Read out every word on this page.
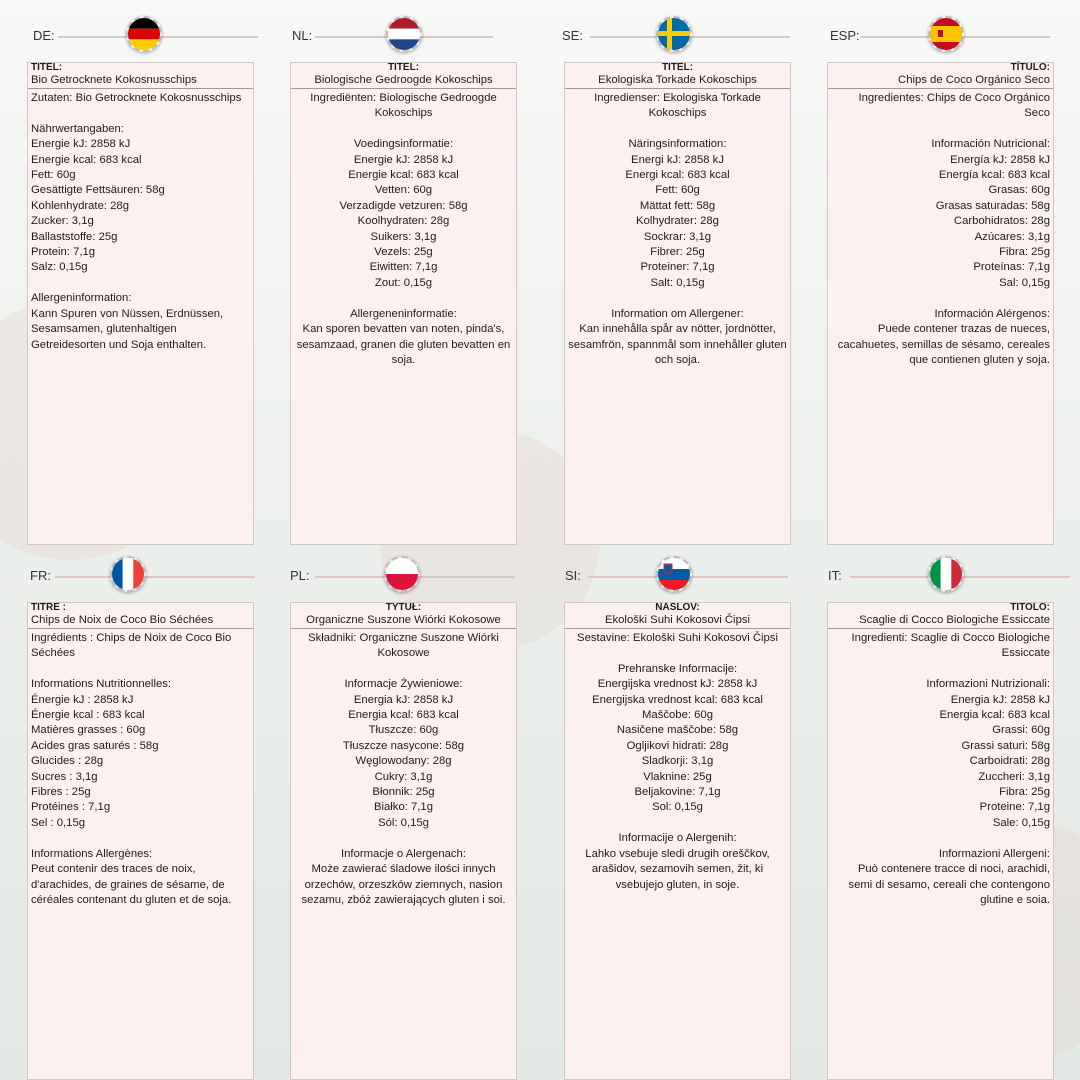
DE:
TITEL:
Bio Getrocknete Kokosnusschips
Zutaten: Bio Getrocknete Kokosnusschips

Nährwertangaben:
Energie kJ: 2858 kJ
Energie kcal: 683 kcal
Fett: 60g
Gesättigte Fettsäuren: 58g
Kohlenhydrate: 28g
Zucker: 3,1g
Ballaststoffe: 25g
Protein: 7,1g
Salz: 0,15g

Allergeninformation:
Kann Spuren von Nüssen, Erdnüssen, Sesamsamen, glutenhaltigen Getreidesorten und Soja enthalten.
NL:
TITEL:
Biologische Gedroogde Kokoschips
Ingrediënten: Biologische Gedroogde Kokoschips

Voedingsinformatie:
Energie kJ: 2858 kJ
Energie kcal: 683 kcal
Vetten: 60g
Verzadigde vetzuren: 58g
Koolhydraten: 28g
Suikers: 3,1g
Vezels: 25g
Eiwitten: 7,1g
Zout: 0,15g

Allergeneninformatie:
Kan sporen bevatten van noten, pinda's, sesamzaad, granen die gluten bevatten en soja.
SE:
TITEL:
Ekologiska Torkade Kokoschips
Ingredienser: Ekologiska Torkade Kokoschips

Näringsinformation:
Energi kJ: 2858 kJ
Energi kcal: 683 kcal
Fett: 60g
Mättat fett: 58g
Kolhydrater: 28g
Sockrar: 3,1g
Fibrer: 25g
Proteiner: 7,1g
Salt: 0,15g

Information om Allergener:
Kan innehålla spår av nötter, jordnötter, sesamfrön, spannmål som innehåller gluten och soja.
ESP:
TÍTULO:
Chips de Coco Orgánico Seco
Ingredientes: Chips de Coco Orgánico Seco

Información Nutricional:
Energía kJ: 2858 kJ
Energía kcal: 683 kcal
Grasas: 60g
Grasas saturadas: 58g
Carbohidratos: 28g
Azúcares: 3,1g
Fibra: 25g
Proteínas: 7,1g
Sal: 0,15g

Información Alérgenos:
Puede contener trazas de nueces, cacahuetes, semillas de sésamo, cereales que contienen gluten y soja.
FR:
TITRE :
Chips de Noix de Coco Bio Séchées
Ingrédients : Chips de Noix de Coco Bio Séchées

Informations Nutritionnelles:
Énergie kJ : 2858 kJ
Énergie kcal : 683 kcal
Matières grasses : 60g
Acides gras saturés : 58g
Glucides : 28g
Sucres : 3,1g
Fibres : 25g
Protéines : 7,1g
Sel : 0,15g

Informations Allergènes:
Peut contenir des traces de noix, d'arachides, de graines de sésame, de céréales contenant du gluten et de soja.
PL:
TYTUŁ:
Organiczne Suszone Wiórki Kokosowe
Składniki: Organiczne Suszone Wiórki Kokosowe

Informacje Żywieniowe:
Energia kJ: 2858 kJ
Energia kcal: 683 kcal
Tłuszcze: 60g
Tłuszcze nasycone: 58g
Węglowodany: 28g
Cukry: 3,1g
Błonnik: 25g
Białko: 7,1g
Sól: 0,15g

Informacje o Alergenach:
Może zawierać śladowe ilości innych orzechów, orzeszków ziemnych, nasion sezamu, zbóż zawierających gluten i soi.
SI:
NASLOV:
Ekološki Suhi Kokosovi Čipsi
Sestavine: Ekološki Suhi Kokosovi Čipsi

Prehranske Informacije:
Energijska vrednost kJ: 2858 kJ
Energijska vrednost kcal: 683 kcal
Maščobe: 60g
Nasičene maščobe: 58g
Ogljikovi hidrati: 28g
Sladkorji: 3,1g
Vlaknine: 25g
Beljakovine: 7,1g
Sol: 0,15g

Informacije o Alergenih:
Lahko vsebuje sledi drugih oreščkov, arašidov, sezamovih semen, žit, ki vsebujejo gluten, in soje.
IT:
TITOLO:
Scaglie di Cocco Biologiche Essiccate
Ingredienti: Scaglie di Cocco Biologiche Essiccate

Informazioni Nutrizionali:
Energia kJ: 2858 kJ
Energia kcal: 683 kcal
Grassi: 60g
Grassi saturi: 58g
Carboidrati: 28g
Zuccheri: 3,1g
Fibra: 25g
Proteine: 7,1g
Sale: 0,15g

Informazioni Allergeni:
Può contenere tracce di noci, arachidi, semi di sesamo, cereali che contengono glutine e soia.
